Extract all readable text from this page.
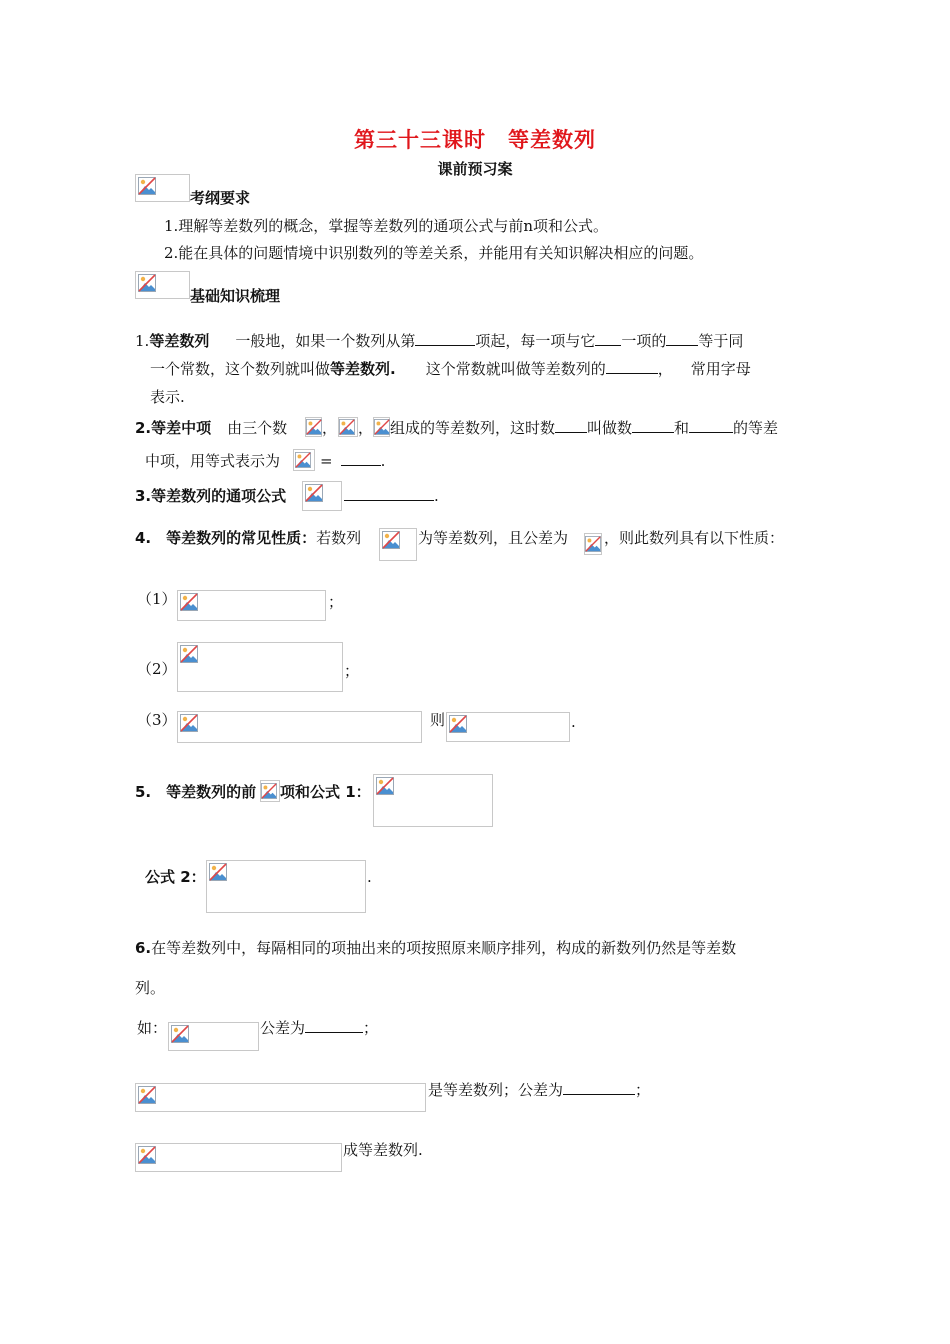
第三十三课时　等差数列
课前预习案
考纲要求
1.理解等差数列的概念，掌握等差数列的通项公式与前n项和公式。
2.能在具体的问题情境中识别数列的等差关系，并能用有关知识解决相应的问题。
基础知识梳理
1.等差数列 一般地，如果一个数列从第	项起，每一项与它 一项的 等于同
一个常数，这个数列就叫做等差数列. 这个常数就叫做等差数列的	， 常用字母
表示.
2.等差中项 由三个数 ， ， 组成的等差数列，这时数 叫做数	和	的等差
中项，用等式表示为	=	.
3.等差数列的通项公式	.
4.　等差数列的常见性质：若数列	为等差数列，且公差为 ，则此数列具有以下性质：
（1）	；
（2）	；
（3）	则	.
5.　等差数列的前 项和公式 1：
公式 2：	.
6.在等差数列中，每隔相同的项抽出来的项按照原来顺序排列，构成的新数列仍然是等差数
列。
如：	公差为	；
是等差数列；公差为	；
成等差数列.
